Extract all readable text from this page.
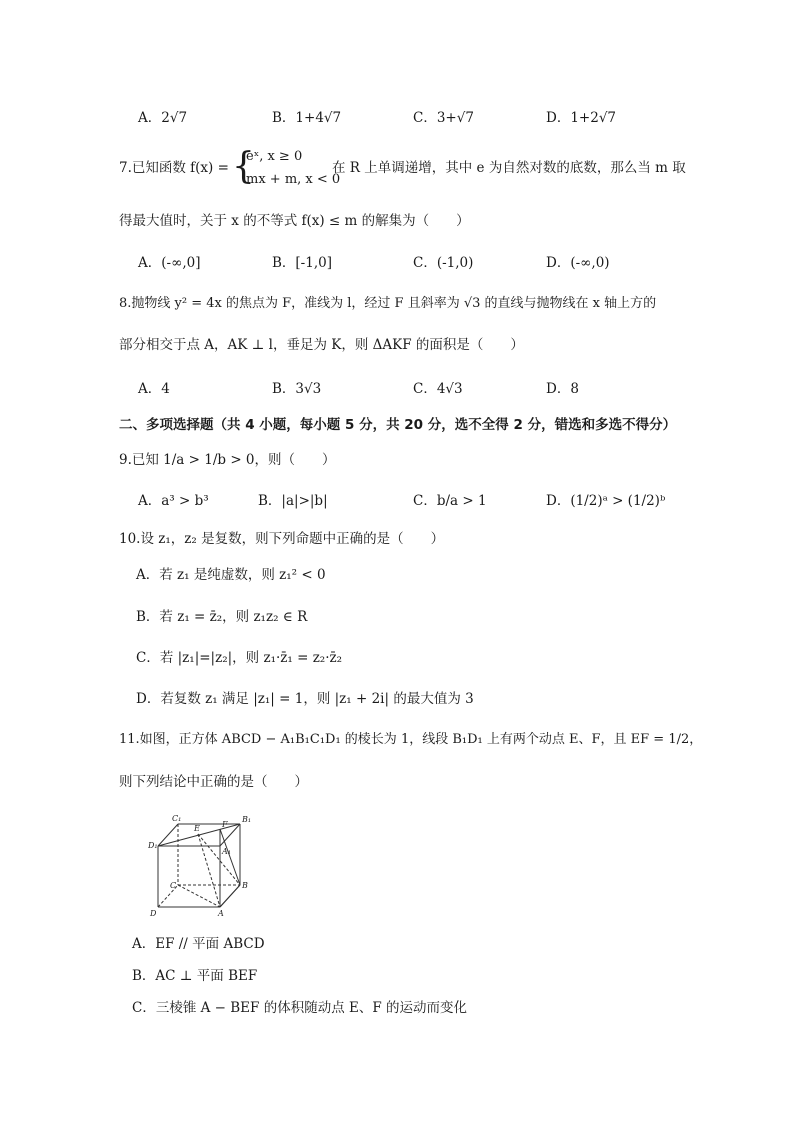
A．2√7	B．1+4√7	C．3+√7	D．1+2√7
7.已知函数 f(x) = {
eˣ, x ≥ 0
mx + m, x < 0
在 R 上单调递增，其中 e 为自然对数的底数，那么当 m 取
得最大值时，关于 x 的不等式 f(x) ≤ m 的解集为（　　）
A．(-∞,0]	B．[-1,0]	C．(-1,0)	D．(-∞,0)
8.抛物线 y² = 4x 的焦点为 F，准线为 l，经过 F 且斜率为 √3 的直线与抛物线在 x 轴上方的
部分相交于点 A，AK ⊥ l，垂足为 K，则 ΔAKF 的面积是（　　）
A．4	B．3√3	C．4√3	D．8
二、多项选择题（共 4 小题，每小题 5 分，共 20 分，选不全得 2 分，错选和多选不得分）
9.已知 1/a > 1/b > 0，则（　　）
A．a³ > b³	B．|a|>|b|	C．b/a > 1	D．(1/2)ᵃ > (1/2)ᵇ
10.设 z₁，z₂ 是复数，则下列命题中正确的是（　　）
A．若 z₁ 是纯虚数，则 z₁² < 0
B．若 z₁ = z̄₂，则 z₁z₂ ∈ R
C．若 |z₁|=|z₂|，则 z₁·z̄₁ = z₂·z̄₂
D．若复数 z₁ 满足 |z₁| = 1，则 |z₁ + 2i| 的最大值为 3
11.如图，正方体 ABCD − A₁B₁C₁D₁ 的棱长为 1，线段 B₁D₁ 上有两个动点 E、F，且 EF = 1/2，
则下列结论中正确的是（　　）
C₁	B₁
D₁
A₁
E	F
C	B
D	A
A．EF // 平面 ABCD
B．AC ⊥ 平面 BEF
C．三棱锥 A − BEF 的体积随动点 E、F 的运动而变化
